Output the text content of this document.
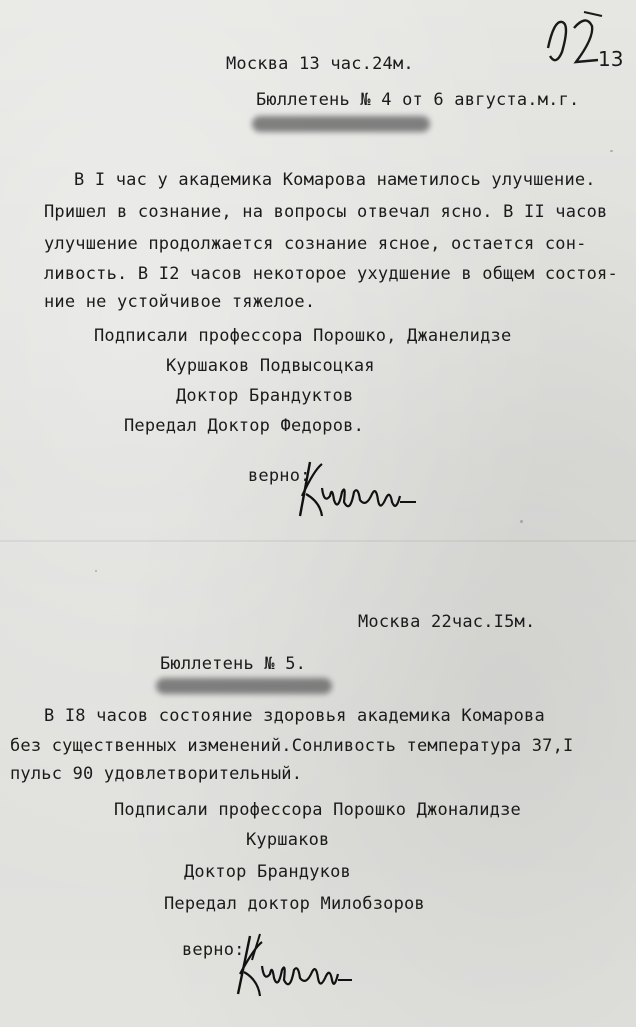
13
Москва 13 час.24м.
Бюллетень № 4 от 6 августа.м.г.
В I час у академика Комарова наметилось улучшение.
Пришел в сознание, на вопросы отвечал ясно. В II часов
улучшение продолжается сознание ясное, остается сон-
ливость. В I2 часов некоторое ухудшение в общем состоя-
ние не устойчивое тяжелое.
Подписали профессора Порошко, Джанелидзе
Куршаков Подвысоцкая
Доктор Брандуктов
Передал Доктор Федоров.
верно:
Москва 22час.I5м.
Бюллетень № 5.
В I8 часов состояние здоровья академика Комарова
без существенных изменений.Сонливость температура 37,I
пульс 90 удовлетворительный.
Подписали профессора Порошко Джоналидзе
Куршаков
Доктор Брандуков
Передал доктор Милобзоров
верно:
